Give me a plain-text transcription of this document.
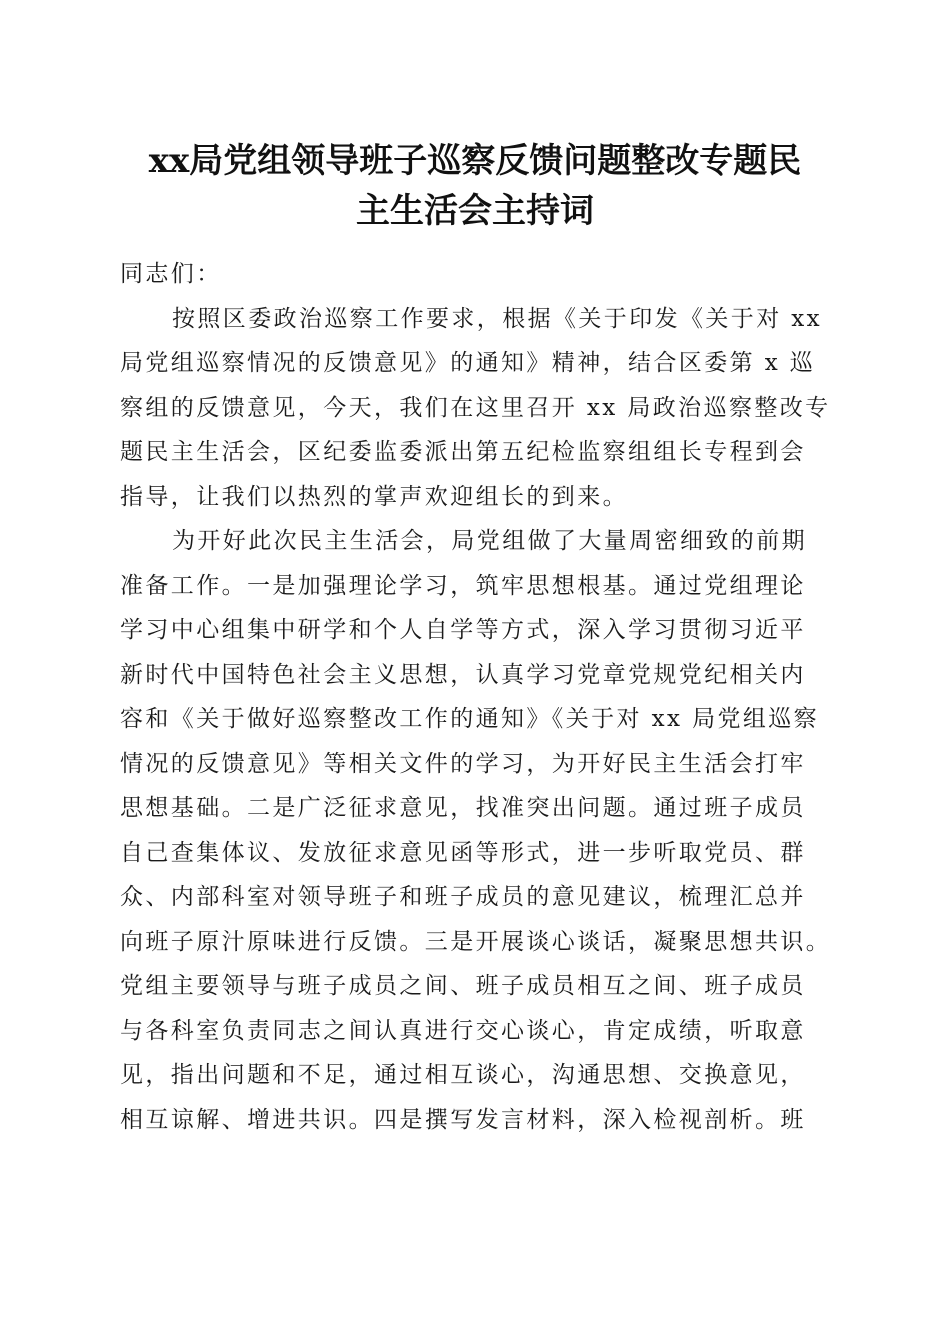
xx局党组领导班子巡察反馈问题整改专题民
主生活会主持词
同志们：
按照区委政治巡察工作要求，根据《关于印发《关于对 xx
局党组巡察情况的反馈意见》的通知》精神，结合区委第 x 巡
察组的反馈意见，今天，我们在这里召开 xx 局政治巡察整改专
题民主生活会，区纪委监委派出第五纪检监察组组长专程到会
指导，让我们以热烈的掌声欢迎组长的到来。
为开好此次民主生活会，局党组做了大量周密细致的前期
准备工作。一是加强理论学习，筑牢思想根基。通过党组理论
学习中心组集中研学和个人自学等方式，深入学习贯彻习近平
新时代中国特色社会主义思想，认真学习党章党规党纪相关内
容和《关于做好巡察整改工作的通知》《关于对 xx 局党组巡察
情况的反馈意见》等相关文件的学习，为开好民主生活会打牢
思想基础。二是广泛征求意见，找准突出问题。通过班子成员
自己查集体议、发放征求意见函等形式，进一步听取党员、群
众、内部科室对领导班子和班子成员的意见建议，梳理汇总并
向班子原汁原味进行反馈。三是开展谈心谈话，凝聚思想共识。
党组主要领导与班子成员之间、班子成员相互之间、班子成员
与各科室负责同志之间认真进行交心谈心，肯定成绩，听取意
见，指出问题和不足，通过相互谈心，沟通思想、交换意见，
相互谅解、增进共识。四是撰写发言材料，深入检视剖析。班
